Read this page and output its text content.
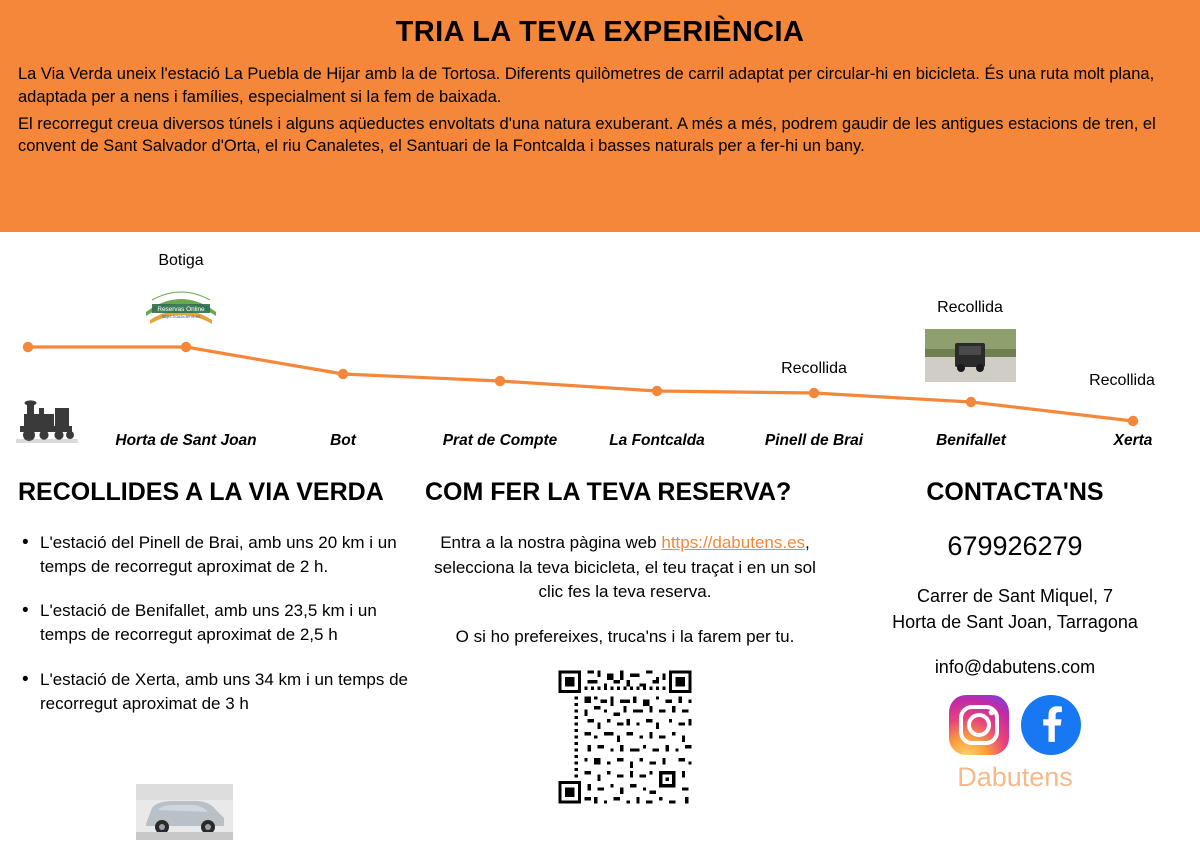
TRIA LA TEVA EXPERIÈNCIA

La Via Verda uneix l'estació La Puebla de Hijar amb la de Tortosa. Diferents quilòmetres de carril adaptat per circular-hi en bicicleta. És una ruta molt plana, adaptada per a nens i famílies, especialment si la fem de baixada.

El recorregut creua diversos túnels i alguns aqüeductes envoltats d'una natura exuberant. A més a més, podrem gaudir de les antigues estacions de tren, el convent de Sant Salvador d'Orta, el riu Canaletes, el Santuari de la Fontcalda i basses naturals per a fer-hi un bany.

Reservas Online
https://dabutens.es
Horta de Sant Joan	Bot	Prat de Compte	La Fontcalda	Pinell de Brai	Benifallet	Xerta
Botiga
Recollida
Recollida
Recollida
RECOLLIDES A LA VIA VERDA
• L'estació del Pinell de Brai, amb uns 20 km i un temps de recorregut aproximat de 2 h.
• L'estació de Benifallet, amb uns 23,5 km i un temps de recorregut aproximat de 2,5 h
• L'estació de Xerta, amb uns 34 km i un temps de recorregut aproximat de 3 h
COM FER LA TEVA RESERVA?

Entra a la nostra pàgina web https://dabutens.es, selecciona la teva bicicleta, el teu traçat i en un sol clic fes la teva reserva.

O si ho prefereixes, truca'ns i la farem per tu.

CONTACTA'NS
679926279
Carrer de Sant Miquel, 7
Horta de Sant Joan, Tarragona
info@dabutens.com
Dabutens
